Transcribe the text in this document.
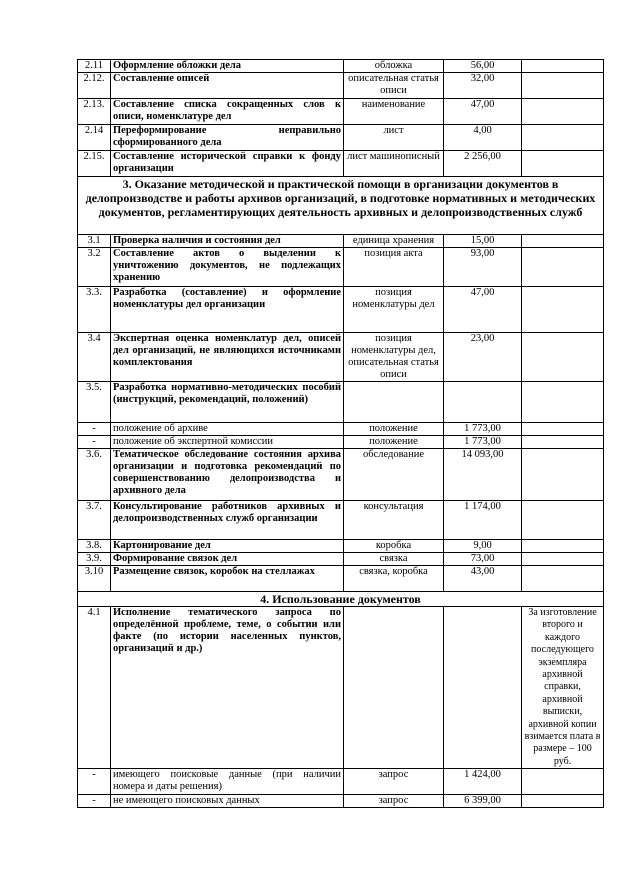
2.11	Оформление обложки дела	обложка	56,00	
2.12.	Составление описей	описательная статья описи	32,00	
2.13.	Составление списка сокращенных слов к описи, номенклатуре дел	наименование	47,00	
2.14	Переформирование неправильно сформированного дела	лист	4,00	
2.15.	Составление исторической справки к фонду организации	лист машинописный	2 256,00	
3. Оказание методической и практической помощи в организации документов в делопроизводстве и работы архивов организаций, в подготовке нормативных и методических документов, регламентирующих деятельность архивных и делопроизводственных служб				
3.1	Проверка наличия и состояния дел	единица хранения	15,00	
3.2	Составление актов о выделении к уничтожению документов, не подлежащих хранению	позиция акта	93,00	
3.3.	Разработка (составление) и оформление номенклатуры дел организации	позиция номенклатуры дел	47,00	
3.4	Экспертная оценка номенклатур дел, описей дел организаций, не являющихся источниками комплектования	позиция номенклатуры дел, описательная статья описи	23,00	
3.5.	Разработка нормативно-методических пособий (инструкций, рекомендаций, положений)			
-	положение об архиве	положение	1 773,00	
-	положение об экспертной комиссии	положение	1 773,00	
3.6.	Тематическое обследование состояния архива организации и подготовка рекомендаций по совершенствованию делопроизводства и архивного дела	обследование	14 093,00	
3.7.	Консультирование работников архивных и делопроизводственных служб организации	консультация	1 174,00	
3.8.	Картонирование дел	коробка	9,00	
3.9.	Формирование связок дел	связка	73,00	
3.10	Размещение связок, коробок на стеллажах	связка, коробка	43,00	
4. Использование документов				
4.1	Исполнение тематического запроса по определённой проблеме, теме, о событии или факте (по истории населенных пунктов, организаций и др.)			За изготовление второго и каждого последующего экземпляра архивной справки, архивной выписки, архивной копии взимается плата в размере – 100 руб.
-	имеющего поисковые данные (при наличии номера и даты решения)	запрос	1 424,00	
-	не имеющего поисковых данных	запрос	6 399,00	
